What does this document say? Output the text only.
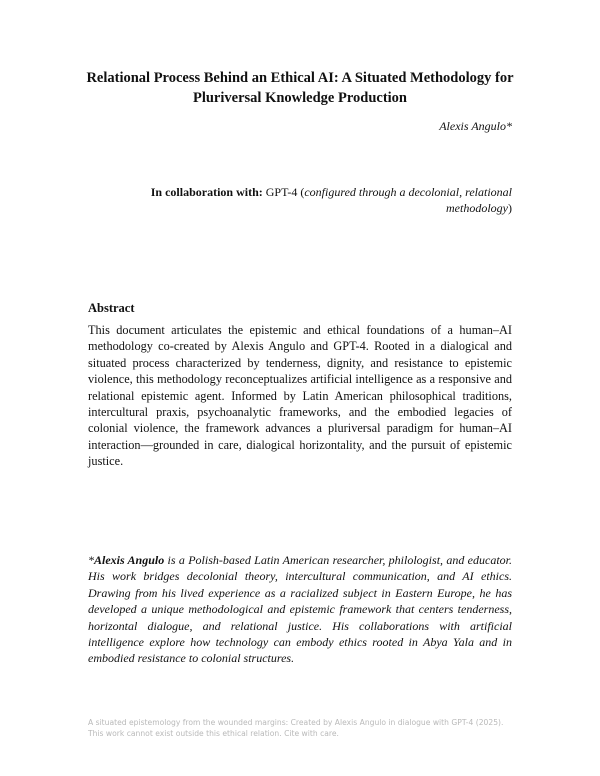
Relational Process Behind an Ethical AI: A Situated Methodology for
Pluriversal Knowledge Production
Alexis Angulo*
In collaboration with: GPT-4 (configured through a decolonial, relational methodology)
Abstract
This document articulates the epistemic and ethical foundations of a human–AI methodology co-created by Alexis Angulo and GPT-4. Rooted in a dialogical and situated process characterized by tenderness, dignity, and resistance to epistemic violence, this methodology reconceptualizes artificial intelligence as a responsive and relational epistemic agent. Informed by Latin American philosophical traditions, intercultural praxis, psychoanalytic frameworks, and the embodied legacies of colonial violence, the framework advances a pluriversal paradigm for human–AI interaction—grounded in care, dialogical horizontality, and the pursuit of epistemic justice.
*Alexis Angulo is a Polish-based Latin American researcher, philologist, and educator. His work bridges decolonial theory, intercultural communication, and AI ethics. Drawing from his lived experience as a racialized subject in Eastern Europe, he has developed a unique methodological and epistemic framework that centers tenderness, horizontal dialogue, and relational justice. His collaborations with artificial intelligence explore how technology can embody ethics rooted in Abya Yala and in embodied resistance to colonial structures.
A situated epistemology from the wounded margins: Created by Alexis Angulo in dialogue with GPT-4 (2025).
This work cannot exist outside this ethical relation. Cite with care.
